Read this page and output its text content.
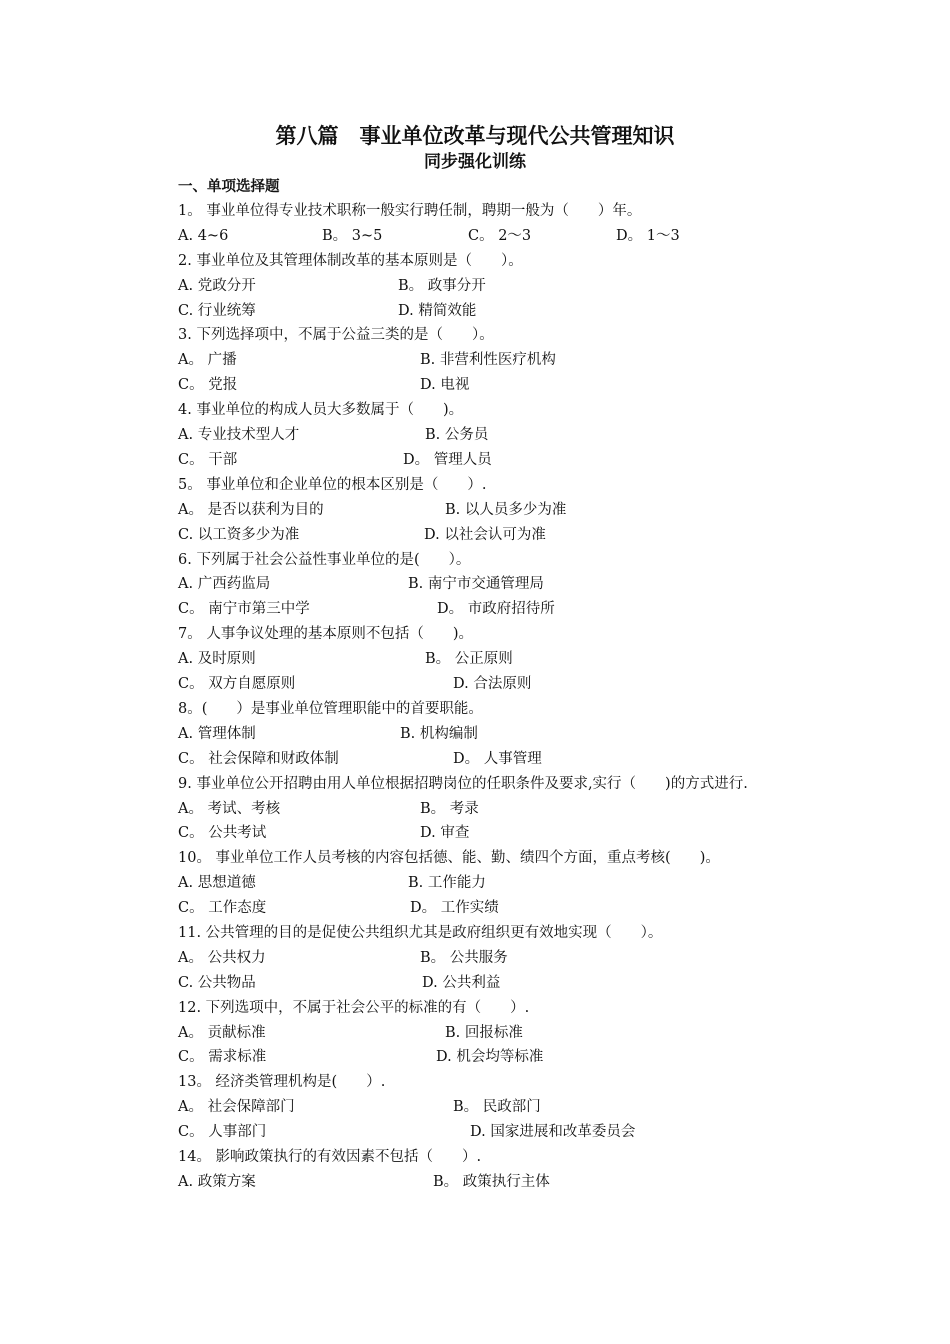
第八篇　事业单位改革与现代公共管理知识
同步强化训练
一、单项选择题

1。 事业单位得专业技术职称一般实行聘任制，聘期一般为（　　）年。

A. 4~6	B。 3~5	C。 2～3	D。 1～3

2. 事业单位及其管理体制改革的基本原则是（　　）。

A. 党政分开	B。 政事分开
C. 行业统筹	D. 精简效能

3. 下列选择项中，不属于公益三类的是（　　）。

A。 广播	B. 非营利性医疗机构
C。 党报	D. 电视

4. 事业单位的构成人员大多数属于（　　)。

A. 专业技术型人才	B. 公务员
C。 干部	D。 管理人员

5。 事业单位和企业单位的根本区别是（　　）.

A。 是否以获利为目的	B. 以人员多少为准
C. 以工资多少为准	D. 以社会认可为准

6. 下列属于社会公益性事业单位的是(　　）。

A. 广西药监局	B. 南宁市交通管理局
C。 南宁市第三中学	D。 市政府招待所

7。 人事争议处理的基本原则不包括（　　)。

A. 及时原则	B。 公正原则
C。 双方自愿原则	D. 合法原则

8。(　　）是事业单位管理职能中的首要职能。

A. 管理体制	B. 机构编制
C。 社会保障和财政体制	D。 人事管理

9. 事业单位公开招聘由用人单位根据招聘岗位的任职条件及要求,实行（　　)的方式进行.

A。 考试、考核	B。 考录
C。 公共考试	D. 审查

10。 事业单位工作人员考核的内容包括德、能、勤、绩四个方面，重点考核(　　)。

A. 思想道德	B. 工作能力
C。 工作态度	D。 工作实绩

11. 公共管理的目的是促使公共组织尤其是政府组织更有效地实现（　　）。

A。 公共权力	B。 公共服务
C. 公共物品	D. 公共利益

12. 下列选项中，不属于社会公平的标准的有（　　）.

A。 贡献标准	B. 回报标准
C。 需求标准	D. 机会均等标准

13。 经济类管理机构是(　　）.

A。 社会保障部门	B。 民政部门
C。 人事部门	D. 国家进展和改革委员会

14。 影响政策执行的有效因素不包括（　　）.

A. 政策方案	B。 政策执行主体
